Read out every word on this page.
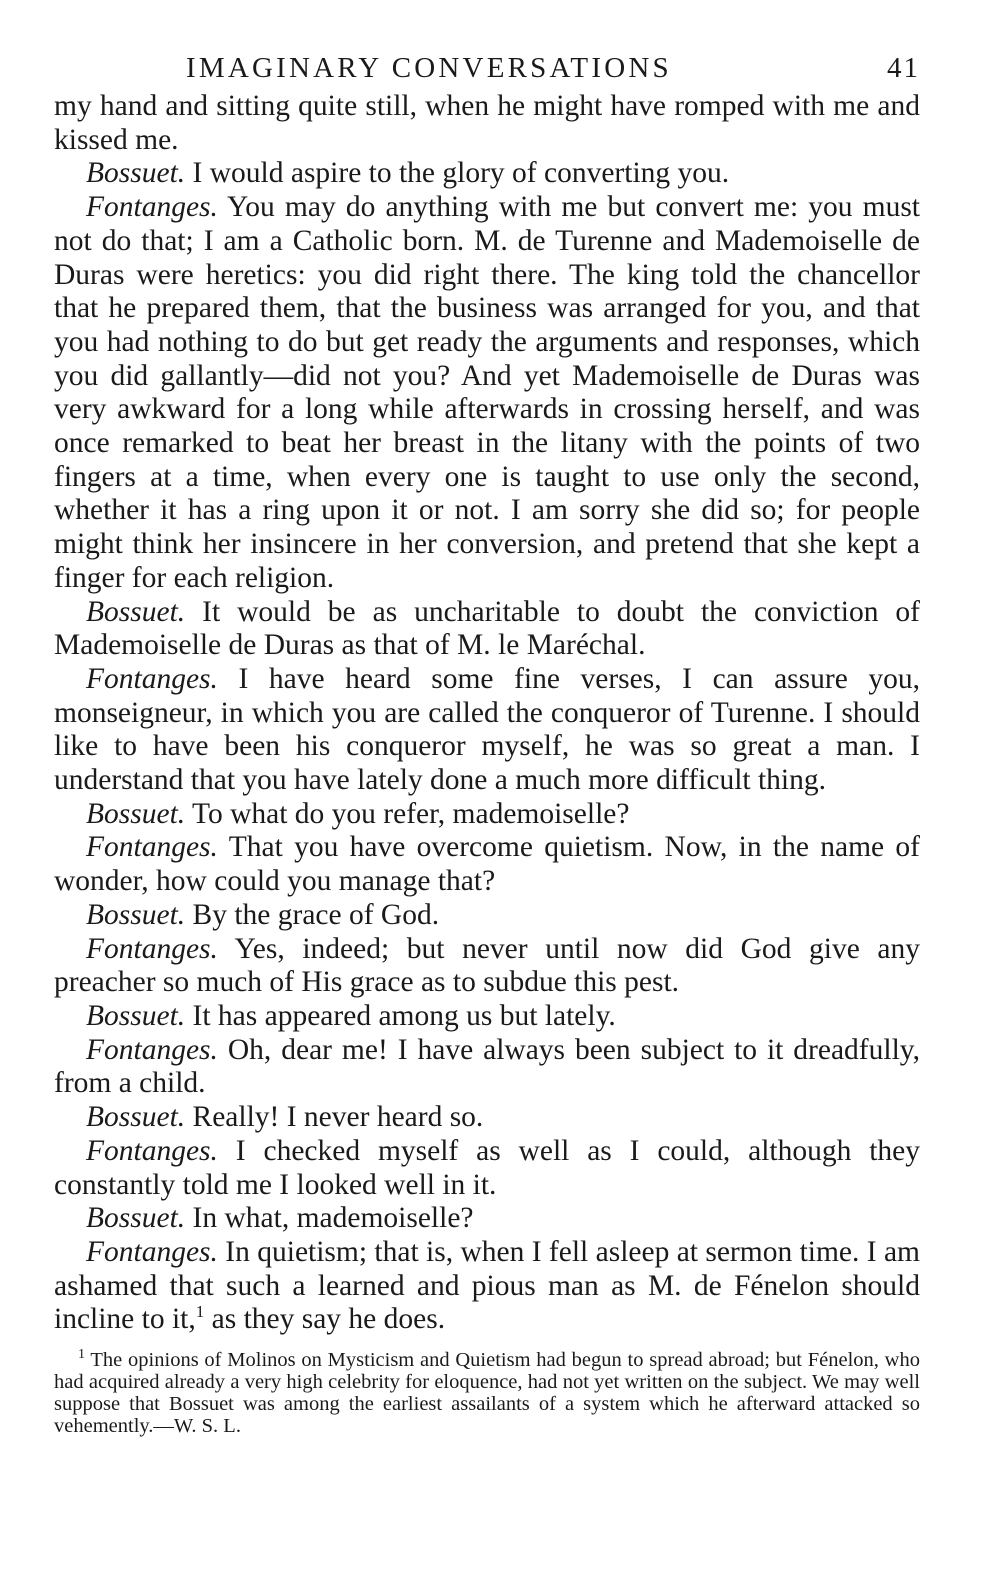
IMAGINARY CONVERSATIONS	41

my hand and sitting quite still, when he might have romped with me and kissed me.

Bossuet. I would aspire to the glory of converting you.

Fontanges. You may do anything with me but convert me: you must not do that; I am a Catholic born. M. de Turenne and Mademoiselle de Duras were heretics: you did right there. The king told the chancellor that he prepared them, that the business was arranged for you, and that you had nothing to do but get ready the arguments and responses, which you did gallantly—did not you? And yet Mademoiselle de Duras was very awkward for a long while afterwards in crossing herself, and was once remarked to beat her breast in the litany with the points of two fingers at a time, when every one is taught to use only the second, whether it has a ring upon it or not. I am sorry she did so; for people might think her insincere in her conversion, and pretend that she kept a finger for each religion.

Bossuet. It would be as uncharitable to doubt the conviction of Mademoiselle de Duras as that of M. le Maréchal.

Fontanges. I have heard some fine verses, I can assure you, monseigneur, in which you are called the conqueror of Turenne. I should like to have been his conqueror myself, he was so great a man. I understand that you have lately done a much more difficult thing.

Bossuet. To what do you refer, mademoiselle?

Fontanges. That you have overcome quietism. Now, in the name of wonder, how could you manage that?

Bossuet. By the grace of God.

Fontanges. Yes, indeed; but never until now did God give any preacher so much of His grace as to subdue this pest.

Bossuet. It has appeared among us but lately.

Fontanges. Oh, dear me! I have always been subject to it dreadfully, from a child.

Bossuet. Really! I never heard so.

Fontanges. I checked myself as well as I could, although they constantly told me I looked well in it.

Bossuet. In what, mademoiselle?

Fontanges. In quietism; that is, when I fell asleep at sermon time. I am ashamed that such a learned and pious man as M. de Fénelon should incline to it,$^1$ as they say he does.

$^1$ The opinions of Molinos on Mysticism and Quietism had begun to spread abroad; but Fénelon, who had acquired already a very high celebrity for eloquence, had not yet written on the subject. We may well suppose that Bossuet was among the earliest assailants of a system which he afterward attacked so vehemently.—W. S. L.
